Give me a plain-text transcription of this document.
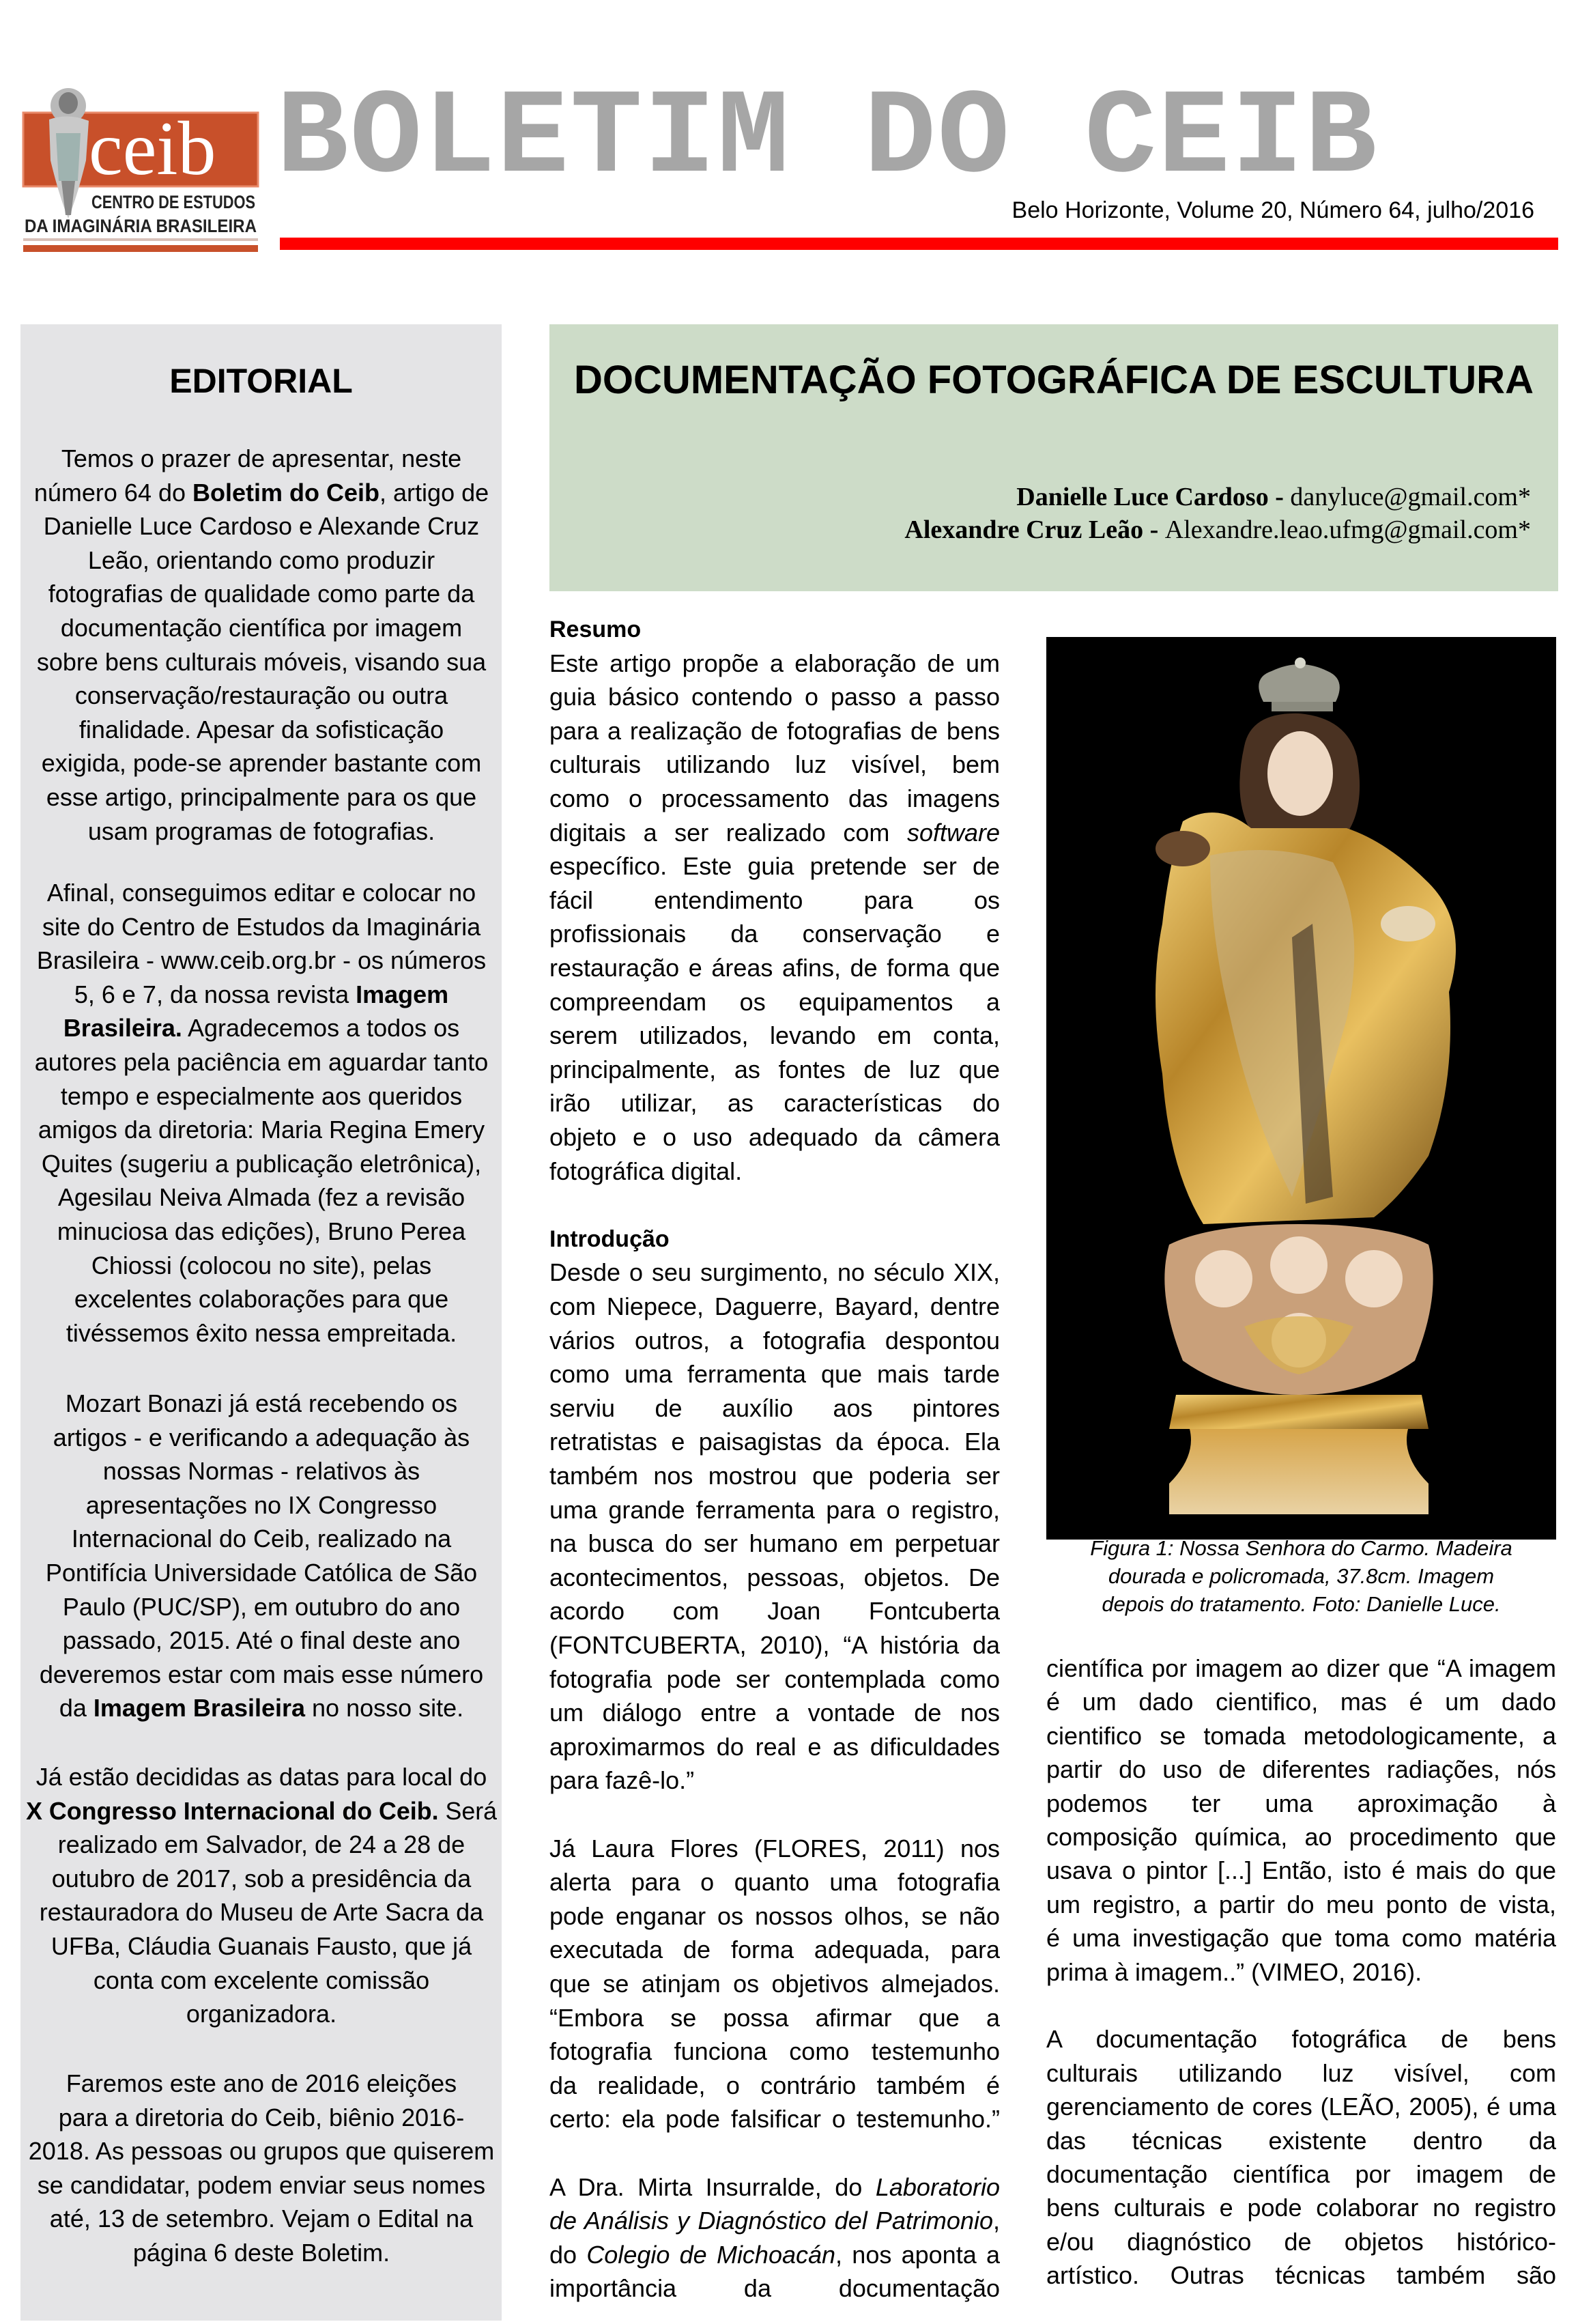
ceib
CENTRO DE ESTUDOS
DA IMAGINÁRIA BRASILEIRA
BOLETIM DO CEIB
Belo Horizonte, Volume 20, Número 64, julho/2016
EDITORIAL
Temos o prazer de apresentar, neste
número 64 do Boletim do Ceib, artigo de
Danielle Luce Cardoso e Alexande Cruz
Leão, orientando como produzir
fotografias de qualidade como parte da
documentação científica por imagem
sobre bens culturais móveis, visando sua
conservação/restauração ou outra
finalidade. Apesar da sofisticação
exigida, pode-se aprender bastante com
esse artigo, principalmente para os que
usam programas de fotografias.
Afinal, conseguimos editar e colocar no
site do Centro de Estudos da Imaginária
Brasileira - www.ceib.org.br - os números
5, 6 e 7, da nossa revista Imagem
Brasileira. Agradecemos a todos os
autores pela paciência em aguardar tanto
tempo e especialmente aos queridos
amigos da diretoria: Maria Regina Emery
Quites (sugeriu a publicação eletrônica),
Agesilau Neiva Almada (fez a revisão
minuciosa das edições), Bruno Perea
Chiossi (colocou no site), pelas
excelentes colaborações para que
tivéssemos êxito nessa empreitada.
Mozart Bonazi já está recebendo os
artigos - e verificando a adequação às
nossas Normas - relativos às
apresentações no IX Congresso
Internacional do Ceib, realizado na
Pontifícia Universidade Católica de São
Paulo (PUC/SP), em outubro do ano
passado, 2015. Até o final deste ano
deveremos estar com mais esse número
da Imagem Brasileira no nosso site.
Já estão decididas as datas para local do
X Congresso Internacional do Ceib. Será
realizado em Salvador, de 24 a 28 de
outubro de 2017, sob a presidência da
restauradora do Museu de Arte Sacra da
UFBa, Cláudia Guanais Fausto, que já
conta com excelente comissão
organizadora.
Faremos este ano de 2016 eleições
para a diretoria do Ceib, biênio 2016-
2018. As pessoas ou grupos que quiserem
se candidatar, podem enviar seus nomes
até, 13 de setembro. Vejam o Edital na
página 6 deste Boletim.
DOCUMENTAÇÃO FOTOGRÁFICA DE ESCULTURA
Danielle Luce Cardoso - danyluce@gmail.com*
Alexandre Cruz Leão - Alexandre.leao.ufmg@gmail.com*
Resumo
Este artigo propõe a elaboração de um
guia básico contendo o passo a passo
para a realização de fotografias de bens
culturais utilizando luz visível, bem
como o processamento das imagens
digitais a ser realizado com software
específico. Este guia pretende ser de
fácil entendimento para os
profissionais da conservação e
restauração e áreas afins, de forma que
compreendam os equipamentos a
serem utilizados, levando em conta,
principalmente, as fontes de luz que
irão utilizar, as características do
objeto e o uso adequado da câmera
fotográfica digital.
Introdução
Desde o seu surgimento, no século XIX,
com Niepece, Daguerre, Bayard, dentre
vários outros, a fotografia despontou
como uma ferramenta que mais tarde
serviu de auxílio aos pintores
retratistas e paisagistas da época. Ela
também nos mostrou que poderia ser
uma grande ferramenta para o registro,
na busca do ser humano em perpetuar
acontecimentos, pessoas, objetos. De
acordo com Joan Fontcuberta
(FONTCUBERTA, 2010), “A história da
fotografia pode ser contemplada como
um diálogo entre a vontade de nos
aproximarmos do real e as dificuldades
para fazê-lo.”
Já Laura Flores (FLORES, 2011) nos
alerta para o quanto uma fotografia
pode enganar os nossos olhos, se não
executada de forma adequada, para
que se atinjam os objetivos almejados.
“Embora se possa afirmar que a
fotografia funciona como testemunho
da realidade, o contrário também é
certo: ela pode falsificar o testemunho.”
A Dra. Mirta Insurralde, do Laboratorio
de Análisis y Diagnóstico del Patrimonio,
do Colegio de Michoacán, nos aponta a
importância da documentação
Figura 1: Nossa Senhora do Carmo. Madeira
dourada e policromada, 37.8cm. Imagem
depois do tratamento. Foto: Danielle Luce.
científica por imagem ao dizer que “A imagem
é um dado cientifico, mas é um dado
cientifico se tomada metodologicamente, a
partir do uso de diferentes radiações, nós
podemos ter uma aproximação à
composição química, ao procedimento que
usava o pintor [...] Então, isto é mais do que
um registro, a partir do meu ponto de vista,
é uma investigação que toma como matéria
prima à imagem..” (VIMEO, 2016).
A documentação fotográfica de bens
culturais utilizando luz visível, com
gerenciamento de cores (LEÃO, 2005), é uma
das técnicas existente dentro da
documentação científica por imagem de
bens culturais e pode colaborar no registro
e/ou diagnóstico de objetos histórico-
artístico. Outras técnicas também são
